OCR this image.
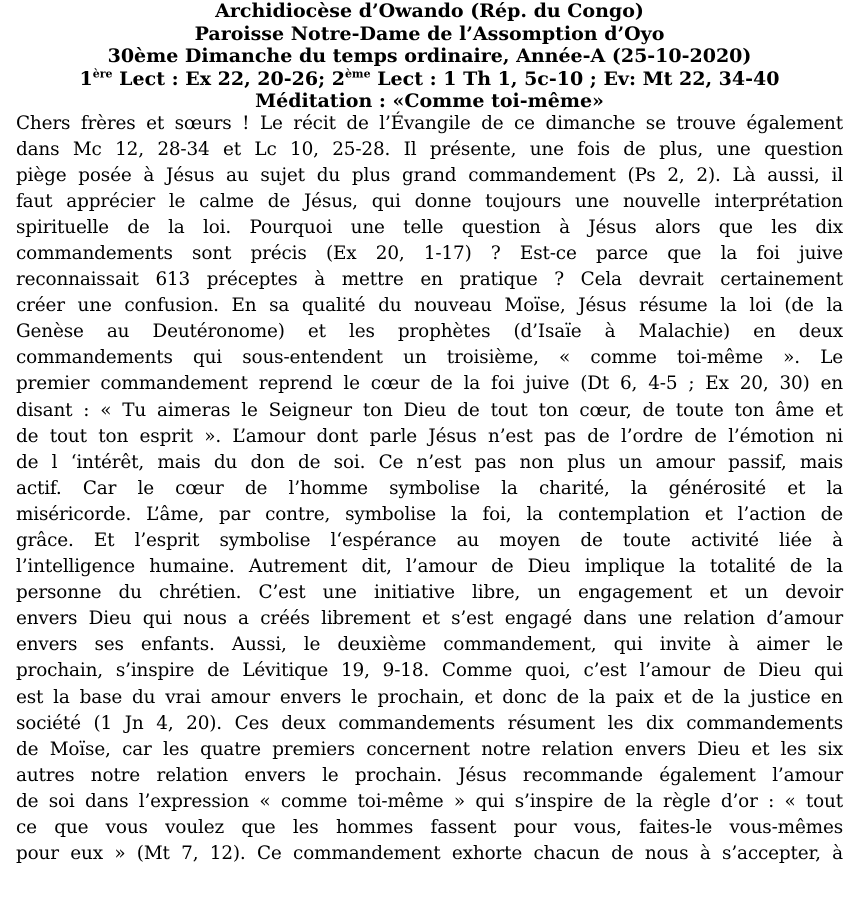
Archidiocèse d’Owando (Rép. du Congo)
Paroisse Notre-Dame de l’Assomption d’Oyo
30ème Dimanche du temps ordinaire, Année-A (25-10-2020)
1ère Lect : Ex 22, 20-26; 2ème Lect : 1 Th 1, 5c-10 ; Ev: Mt 22, 34-40
Méditation : «Comme toi-même»
Chers frères et sœurs ! Le récit de l’Évangile de ce dimanche se trouve également
dans Mc 12, 28-34 et Lc 10, 25-28. Il présente, une fois de plus, une question
piège posée à Jésus au sujet du plus grand commandement (Ps 2, 2). Là aussi, il
faut apprécier le calme de Jésus, qui donne toujours une nouvelle interprétation
spirituelle de la loi. Pourquoi une telle question à Jésus alors que les dix
commandements sont précis (Ex 20, 1-17) ? Est-ce parce que la foi juive
reconnaissait 613 préceptes à mettre en pratique ? Cela devrait certainement
créer une confusion. En sa qualité du nouveau Moïse, Jésus résume la loi (de la
Genèse au Deutéronome) et les prophètes (d’Isaïe à Malachie) en deux
commandements qui sous-entendent un troisième, « comme toi-même ». Le
premier commandement reprend le cœur de la foi juive (Dt 6, 4-5 ; Ex 20, 30) en
disant : « Tu aimeras le Seigneur ton Dieu de tout ton cœur, de toute ton âme et
de tout ton esprit ». L’amour dont parle Jésus n’est pas de l’ordre de l’émotion ni
de l ‘intérêt, mais du don de soi. Ce n’est pas non plus un amour passif, mais
actif. Car le cœur de l’homme symbolise la charité, la générosité et la
miséricorde. L’âme, par contre, symbolise la foi, la contemplation et l’action de
grâce. Et l’esprit symbolise l‘espérance au moyen de toute activité liée à
l’intelligence humaine. Autrement dit, l’amour de Dieu implique la totalité de la
personne du chrétien. C’est une initiative libre, un engagement et un devoir
envers Dieu qui nous a créés librement et s’est engagé dans une relation d’amour
envers ses enfants. Aussi, le deuxième commandement, qui invite à aimer le
prochain, s’inspire de Lévitique 19, 9-18. Comme quoi, c’est l’amour de Dieu qui
est la base du vrai amour envers le prochain, et donc de la paix et de la justice en
société (1 Jn 4, 20). Ces deux commandements résument les dix commandements
de Moïse, car les quatre premiers concernent notre relation envers Dieu et les six
autres notre relation envers le prochain. Jésus recommande également l’amour
de soi dans l’expression « comme toi-même » qui s’inspire de la règle d’or : « tout
ce que vous voulez que les hommes fassent pour vous, faites-le vous-mêmes
pour eux » (Mt 7, 12). Ce commandement exhorte chacun de nous à s’accepter, à
